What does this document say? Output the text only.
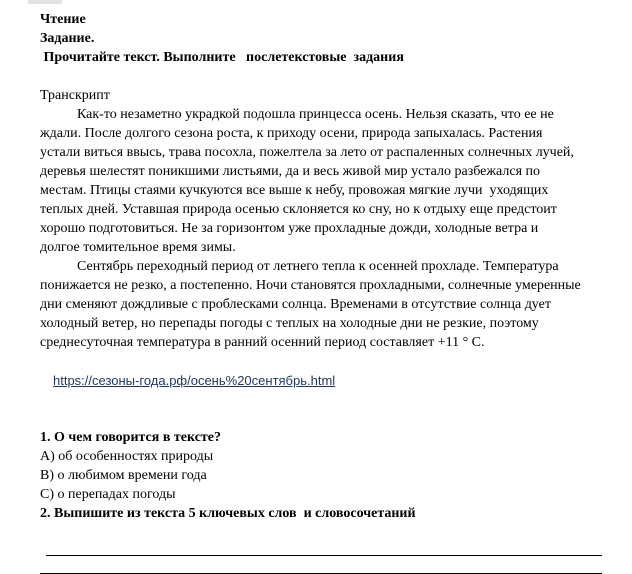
Чтение
Задание.
Прочитайте текст. Выполните   послетекстовые  задания
Транскрипт
Как-то незаметно украдкой подошла принцесса осень. Нельзя сказать, что ее не
ждали. После долгого сезона роста, к приходу осени, природа запыхалась. Растения
устали виться ввысь, трава посохла, пожелтела за лето от распаленных солнечных лучей,
деревья шелестят поникшими листьями, да и весь живой мир устало разбежался по
местам. Птицы стаями кучкуются все выше к небу, провожая мягкие лучи  уходящих
теплых дней. Уставшая природа осенью склоняется ко сну, но к отдыху еще предстоит
хорошо подготовиться. Не за горизонтом уже прохладные дожди, холодные ветра и
долгое томительное время зимы.
Сентябрь переходный период от летнего тепла к осенней прохладе. Температура
понижается не резко, а постепенно. Ночи становятся прохладными, солнечные умеренные
дни сменяют дождливые с проблесками солнца. Временами в отсутствие солнца дует
холодный ветер, но перепады погоды с теплых на холодные дни не резкие, поэтому
среднесуточная температура в ранний осенний период составляет +11 ° С.

https://сезоны-года.рф/осень%20сентябрь.html

1. О чем говорится в тексте?
А) об особенностях природы
В) о любимом времени года
С) о перепадах погоды
2. Выпишите из текста 5 ключевых слов  и словосочетаний
